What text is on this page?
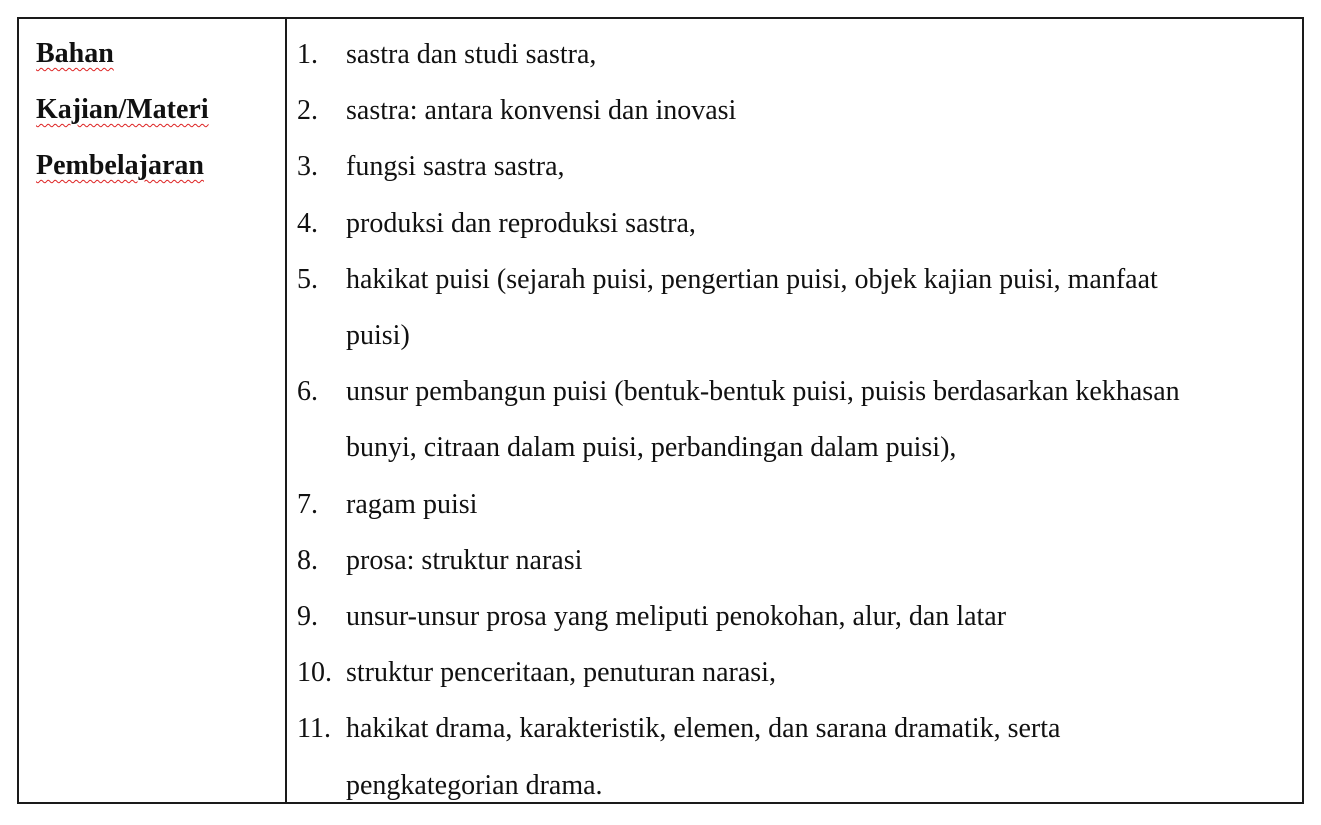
Bahan
Kajian/Materi
Pembelajaran
1.	sastra dan studi sastra,
2.	sastra: antara konvensi dan inovasi
3.	fungsi sastra sastra,
4.	produksi dan reproduksi sastra,
5.	hakikat puisi (sejarah puisi, pengertian puisi, objek kajian puisi, manfaat puisi)
6.	unsur pembangun puisi (bentuk-bentuk puisi, puisis berdasarkan kekhasan bunyi, citraan dalam puisi, perbandingan dalam puisi),
7.	ragam puisi
8.	prosa: struktur narasi
9.	unsur-unsur prosa yang meliputi penokohan, alur, dan latar
10. struktur penceritaan, penuturan narasi,
11. hakikat drama, karakteristik, elemen, dan sarana dramatik, serta pengkategorian drama.
